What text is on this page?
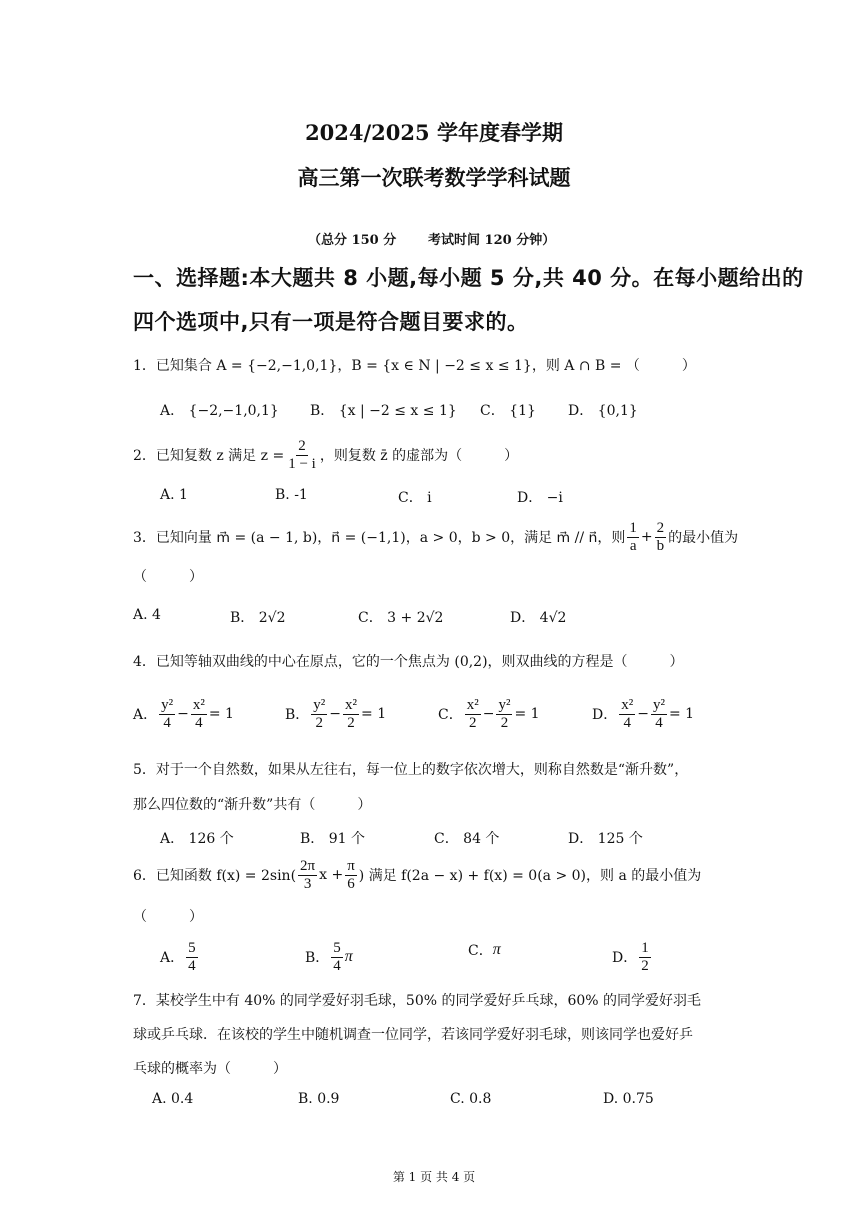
2024/2025 学年度春学期
高三第一次联考数学学科试题
（总分 150 分 考试时间 120 分钟）
一、选择题:本大题共 8 小题,每小题 5 分,共 40 分。在每小题给出的
四个选项中,只有一项是符合题目要求的。
1．已知集合 A = {−2,−1,0,1}，B = {x ∈ N | −2 ≤ x ≤ 1}，则 A ∩ B = （　　　）
A． {−2,−1,0,1} B． {x | −2 ≤ x ≤ 1} C． {1} D． {0,1}
2．已知复数 z 满足 $z = \frac{2}{1 - i}$ ，则复数 z̄ 的虚部为（　　　）
A. 1	B. -1	C． i	D． −i
3．已知向量 m⃗ = (a − 1, b)，n⃗ = (−1,1)，a > 0，b > 0，满足 m⃗ // n⃗，则 $\frac{1}{a} + \frac{2}{b}$ 的最小值为
（　　　）
A. 4	B． 2√2	C． 3 + 2√2	D． 4√2
4．已知等轴双曲线的中心在原点，它的一个焦点为 (0,2)，则双曲线的方程是（　　　）
A． $\frac{\text{y²}}{4} - \frac{\text{x²}}{4} = 1$	B． $\frac{\text{y²}}{2} - \frac{\text{x²}}{2} = 1$	C． $\frac{\text{x²}}{2} - \frac{\text{y²}}{2} = 1$	D． $\frac{\text{x²}}{4} - \frac{\text{y²}}{4} = 1$
5．对于一个自然数，如果从左往右，每一位上的数字依次增大，则称自然数是“渐升数”，
那么四位数的“渐升数”共有（　　　）
A． 126 个	B． 91 个	C． 84 个	D． 125 个
6．已知函数 $f(x) = 2\sin( \frac{2\pi}{3}$ $x + \frac{\pi}{6}$ ) 满足 f(2a − x) + f(x) = 0(a > 0)，则 a 的最小值为
（　　　）
A． $\frac{5}{4}$	B． $\frac{5}{4}$ π	C． π	D． $\frac{1}{2}$
7．某校学生中有 40% 的同学爱好羽毛球，50% 的同学爱好乒乓球，60% 的同学爱好羽毛
球或乒乓球．在该校的学生中随机调查一位同学，若该同学爱好羽毛球，则该同学也爱好乒
乓球的概率为（　　　）
A. 0.4	B. 0.9	C. 0.8	D. 0.75
第 1 页 共 4 页
